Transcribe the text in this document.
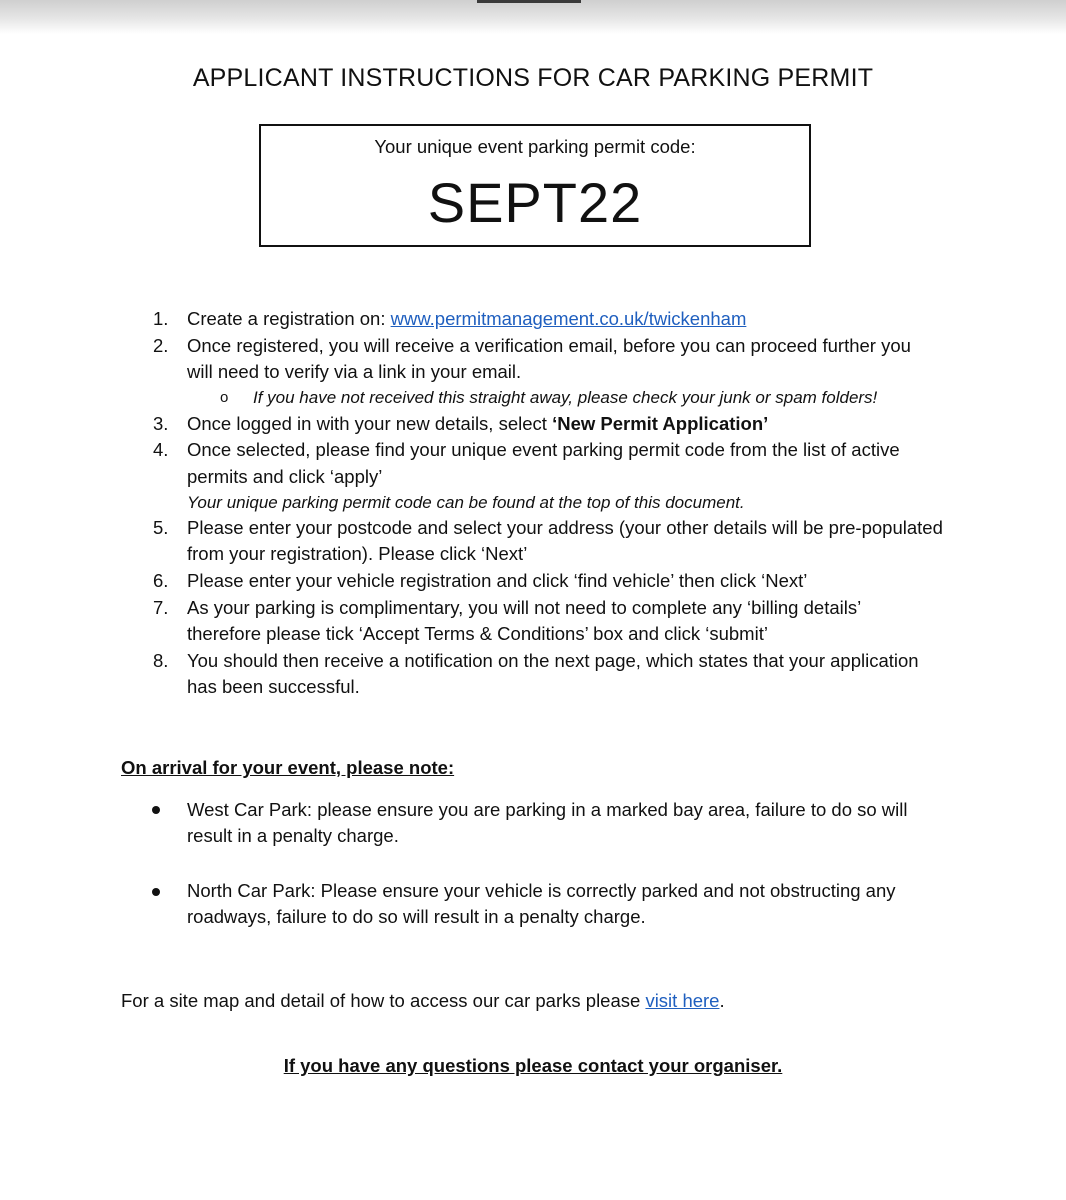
APPLICANT INSTRUCTIONS FOR CAR PARKING PERMIT
Your unique event parking permit code:
SEPT22
1. Create a registration on: www.permitmanagement.co.uk/twickenham
2. Once registered, you will receive a verification email, before you can proceed further you
will need to verify via a link in your email.
o If you have not received this straight away, please check your junk or spam folders!
3. Once logged in with your new details, select ‘New Permit Application’
4. Once selected, please find your unique event parking permit code from the list of active
permits and click ‘apply’
Your unique parking permit code can be found at the top of this document.
5. Please enter your postcode and select your address (your other details will be pre-populated
from your registration). Please click ‘Next’
6. Please enter your vehicle registration and click ‘find vehicle’ then click ‘Next’
7. As your parking is complimentary, you will not need to complete any ‘billing details’
therefore please tick ‘Accept Terms & Conditions’ box and click ‘submit’
8. You should then receive a notification on the next page, which states that your application
has been successful.
On arrival for your event, please note:
West Car Park: please ensure you are parking in a marked bay area, failure to do so will
result in a penalty charge.
North Car Park: Please ensure your vehicle is correctly parked and not obstructing any
roadways, failure to do so will result in a penalty charge.
For a site map and detail of how to access our car parks please visit here.
If you have any questions please contact your organiser.
